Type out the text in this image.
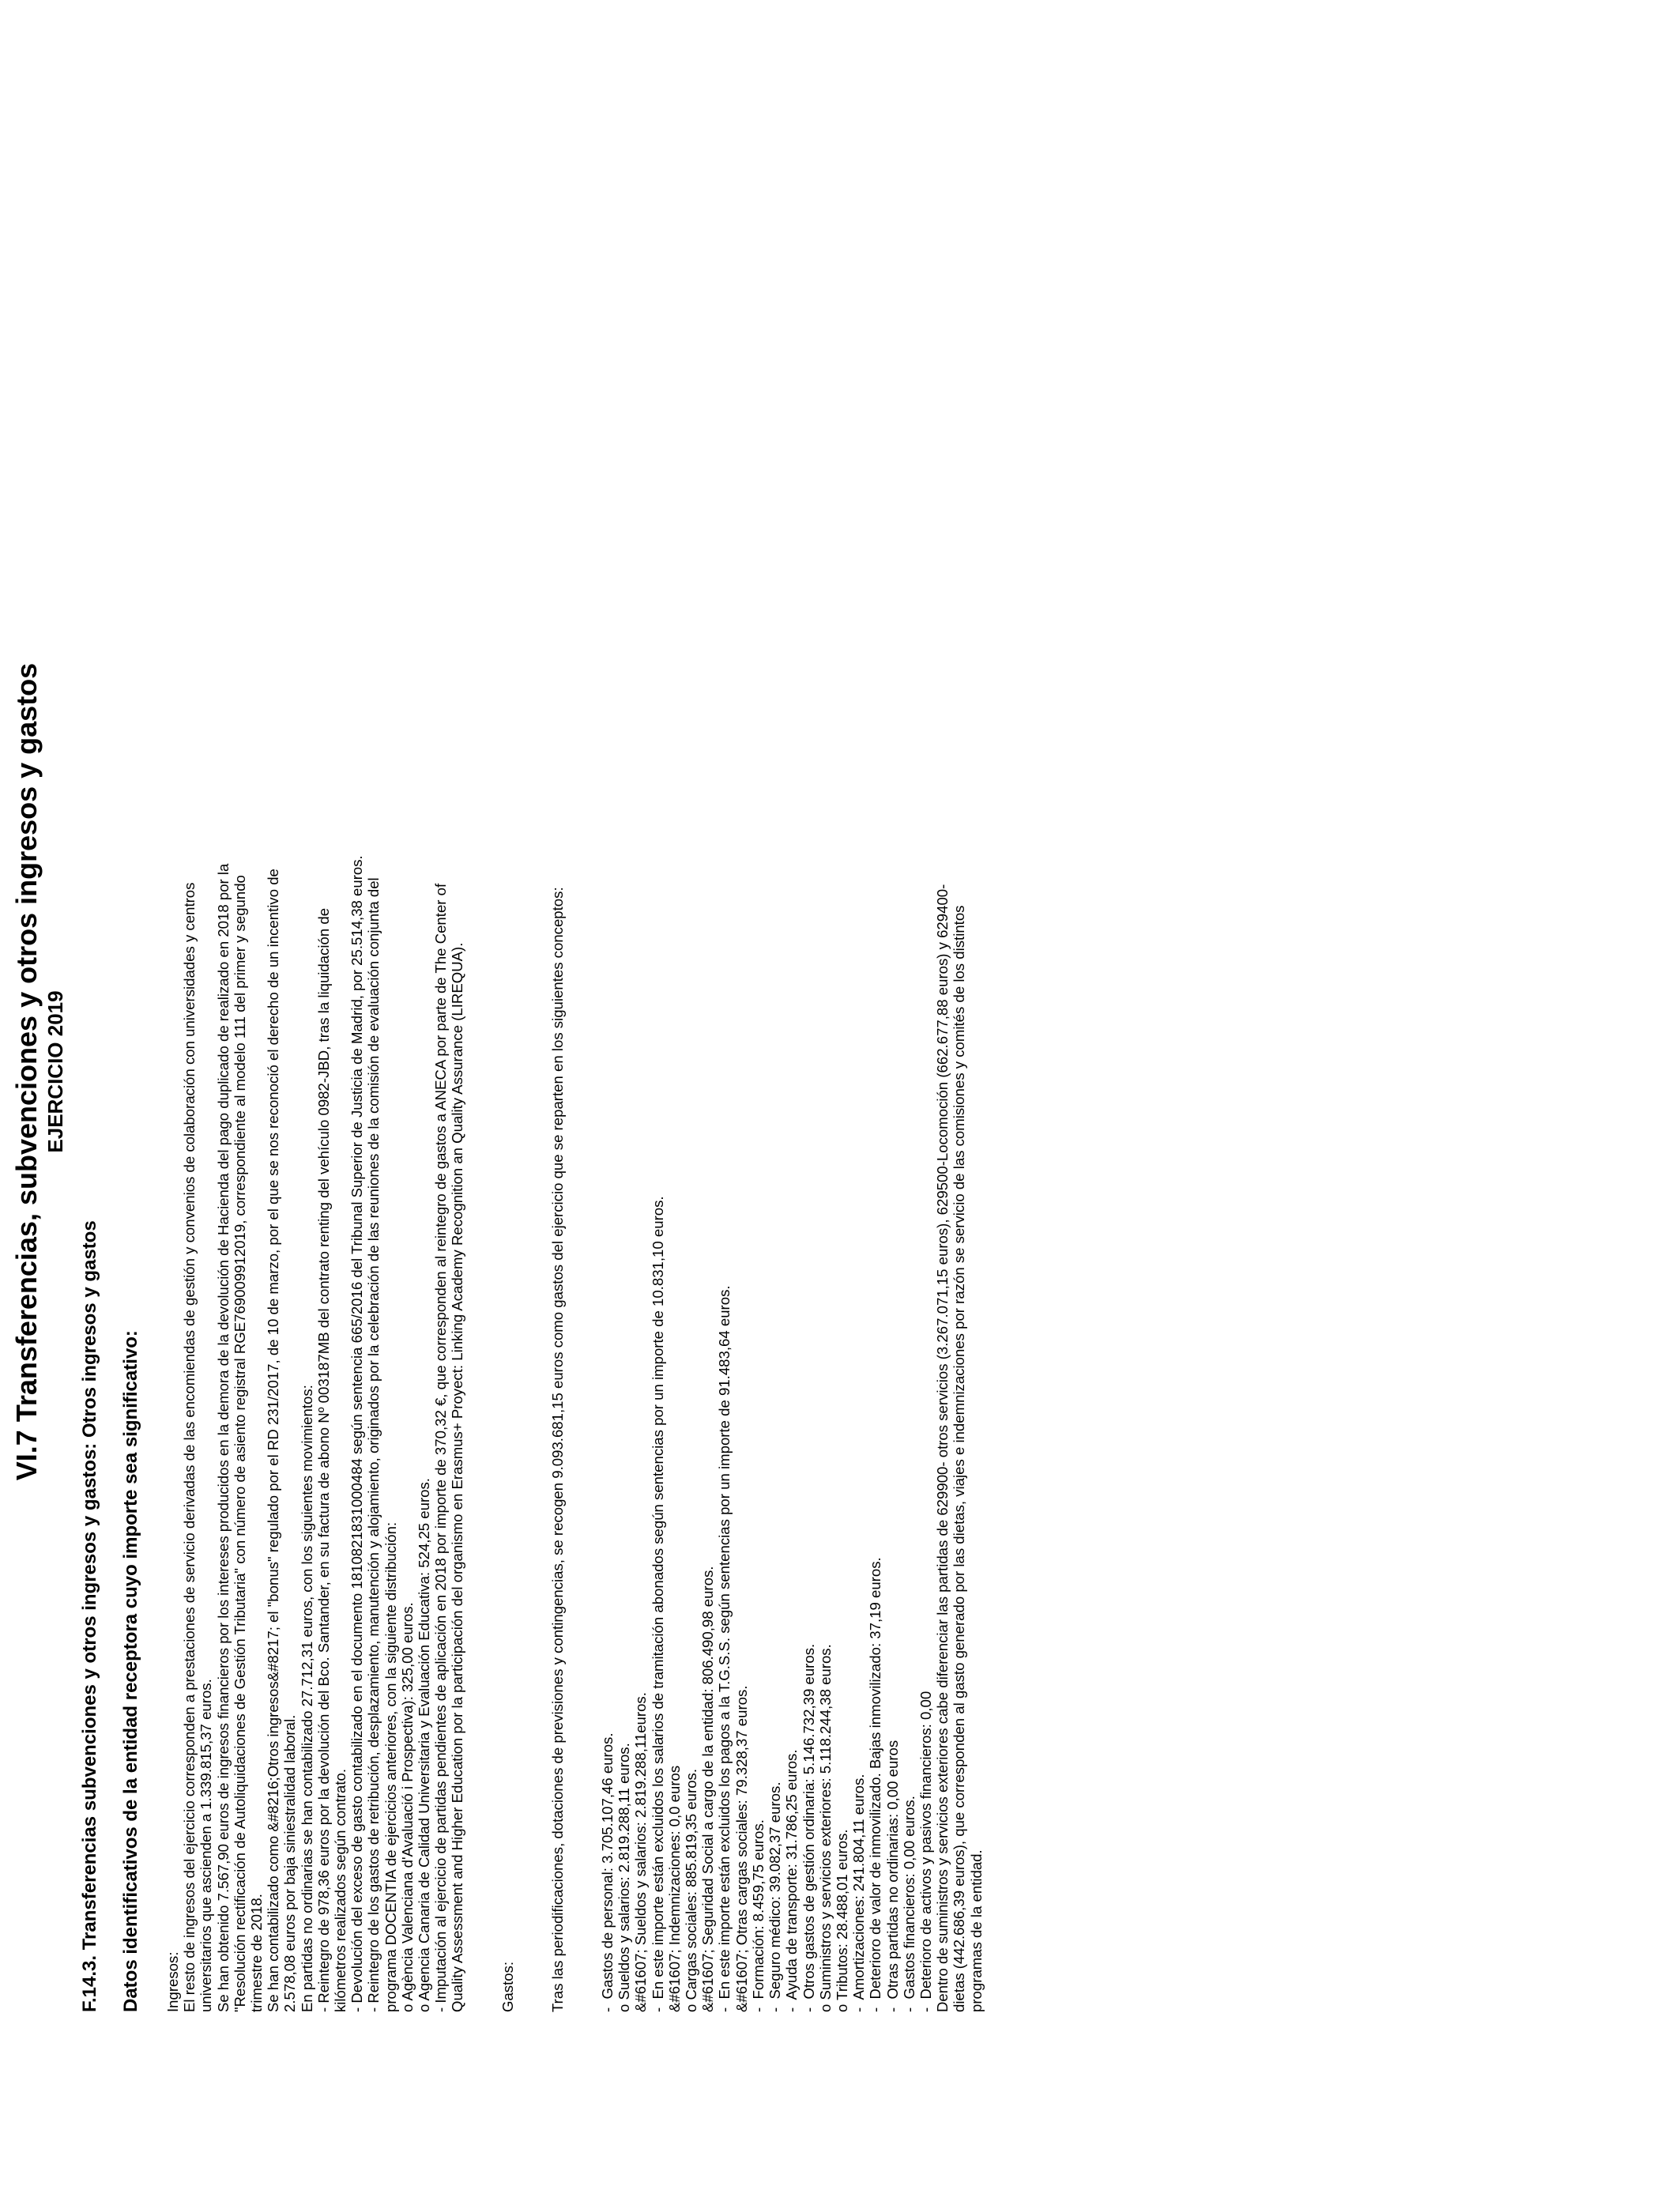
VI.7 Transferencias, subvenciones y otros ingresos y gastos EJERCICIO 2019
F.14.3. Transferencias subvenciones y otros ingresos y gastos: Otros ingresos y gastos Datos identificativos de la entidad receptora cuyo importe sea significativo: Ingresos: El resto de ingresos del ejercicio corresponden a prestaciones de servicio derivadas de las encomiendas de gestión y convenios de colaboración con universidades y centros universitarios que ascienden a 1.339.815,37 euros. Se han obtenido 7.567,90 euros de ingresos financieros por los intereses producidos en la demora de la devolución de Hacienda del pago duplicado de realizado en 2018 por la "Resolución rectificación de Autoliquidaciones de Gestión Tributaria" con número de asiento registral RGE769009912019, correspondiente al modelo 111 del primer y segundo trimestre de 2018. Se han contabilizado como &#8216;Otros ingresos&#8217; el "bonus" regulado por el RD 231/2017, de 10 de marzo, por el que se nos reconoció el derecho de un incentivo de 2.578,08 euros por baja siniestralidad laboral. En partidas no ordinarias se han contabilizado 27.712,31 euros, con los siguientes movimientos: - Reintegro de 978,36 euros por la devolución del Bco. Santander, en su factura de abono Nº 003187MB del contrato renting del vehículo 0982-JBD, tras la liquidación de kilómetros realizados según contrato. - Devolución del exceso de gasto contabilizado en el documento 1810821831000484 según sentencia 665/2016 del Tribunal Superior de Justicia de Madrid, por 25.514,38 euros. - Reintegro de los gastos de retribución, desplazamiento, manutención y alojamiento, originados por la celebración de las reuniones de la comisión de evaluación conjunta del programa DOCENTIA de ejercicios anteriores, con la siguiente distribución: o Agència Valenciana d'Avaluació i Prospectiva): 325,00 euros. o Agencia Canaria de Calidad Universitaria y Evaluación Educativa: 524,25 euros. - Imputación al ejercicio de partidas pendientes de aplicación en 2018 por importe de 370,32 €, que corresponden al reintegro de gastos a ANECA por parte de The Center of Quality Assessment and Higher Education por la participación del organismo en Erasmus+ Proyect: Linking Academy Recognition an Quality Assurance (LIREQUA). Gastos: Tras las periodificaciones, dotaciones de previsiones y contingencias, se recogen 9.093.681,15 euros como gastos del ejercicio que se reparten en los siguientes conceptos: -  Gastos de personal: 3.705.107,46 euros. o Sueldos y salarios: 2.819.288,11 euros. &#61607; Sueldos y salarios: 2.819.288,11euros. -  En este importe están excluidos los salarios de tramitación abonados según sentencias por un importe de 10.831,10 euros. &#61607; Indemnizaciones: 0,0 euros o Cargas sociales: 885.819,35 euros. &#61607; Seguridad Social a cargo de la entidad: 806.490,98 euros. -  En este importe están excluidos los pagos a la T.G.S.S. según sentencias por un importe de 91.483,64 euros. &#61607; Otras cargas sociales: 79.328,37 euros. -  Formación: 8.459,75 euros. -  Seguro médico: 39.082,37 euros. -  Ayuda de transporte: 31.786,25 euros. -  Otros gastos de gestión ordinaria: 5.146.732,39 euros. o Suministros y servicios exteriores: 5.118.244,38 euros. o Tributos: 28.488,01 euros. -  Amortizaciones: 241.804,11 euros. -  Deterioro de valor de inmovilizado. Bajas inmovilizado: 37,19 euros. -  Otras partidas no ordinarias: 0,00 euros -  Gastos financieros: 0,00 euros. -  Deterioro de activos y pasivos financieros: 0,00 Dentro de suministros y servicios exteriores cabe diferenciar las partidas de 629900- otros servicios (3.267.071,15 euros), 629500-Locomoción (662.677,88 euros) y 629400-dietas (442.686,39 euros), que corresponden al gasto generado por las dietas, viajes e indemnizaciones por razón se servicio de las comisiones y comités de los distintos programas de la entidad.
